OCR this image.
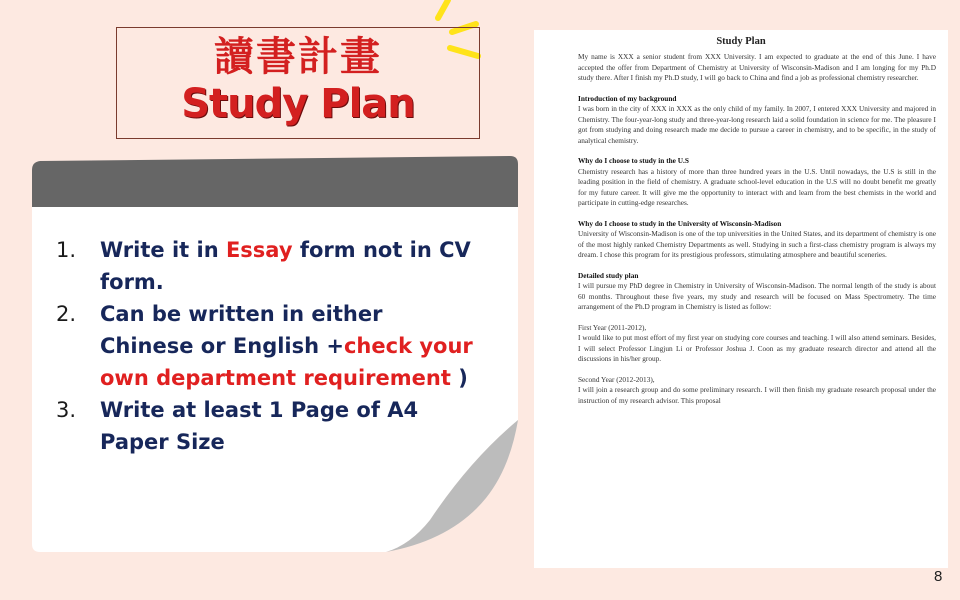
讀書計畫
Study Plan
1. Write it in Essay form not in CV form.
2. Can be written in either Chinese or English +check your own department requirement )
3. Write at least 1 Page of A4 Paper Size
Study Plan

My name is XXX a senior student from XXX University. I am expected to graduate at the end of this June. I have accepted the offer from Department of Chemistry at University of Wisconsin-Madison and I am longing for my Ph.D study there. After I finish my Ph.D study, I will go back to China and find a job as professional chemistry researcher.

Introduction of my background
I was born in the city of XXX in XXX as the only child of my family. In 2007, I entered XXX University and majored in Chemistry. The four-year-long study and three-year-long research laid a solid foundation in science for me. The pleasure I got from studying and doing research made me decide to pursue a career in chemistry, and to be specific, in the study of analytical chemistry.

Why do I choose to study in the U.S
Chemistry research has a history of more than three hundred years in the U.S. Until nowadays, the U.S is still in the leading position in the field of chemistry. A graduate school-level education in the U.S will no doubt benefit me greatly for my future career. It will give me the opportunity to interact with and learn from the best chemists in the world and participate in cutting-edge researches.

Why do I choose to study in the University of Wisconsin-Madison
University of Wisconsin-Madison is one of the top universities in the United States, and its department of chemistry is one of the most highly ranked Chemistry Departments as well. Studying in such a first-class chemistry program is always my dream. I chose this program for its prestigious professors, stimulating atmosphere and beautiful sceneries.

Detailed study plan
I will pursue my PhD degree in Chemistry in University of Wisconsin-Madison. The normal length of the study is about 60 months. Throughout these five years, my study and research will be focused on Mass Spectrometry. The time arrangement of the Ph.D program in Chemistry is listed as follow:

First Year (2011-2012),
I would like to put most effort of my first year on studying core courses and teaching. I will also attend seminars. Besides, I will select Professor Lingjun Li or Professor Joshua J. Coon as my graduate research director and attend all the discussions in his/her group.

Second Year (2012-2013),
I will join a research group and do some preliminary research. I will then finish my graduate research proposal under the instruction of my research advisor. This proposal

8
